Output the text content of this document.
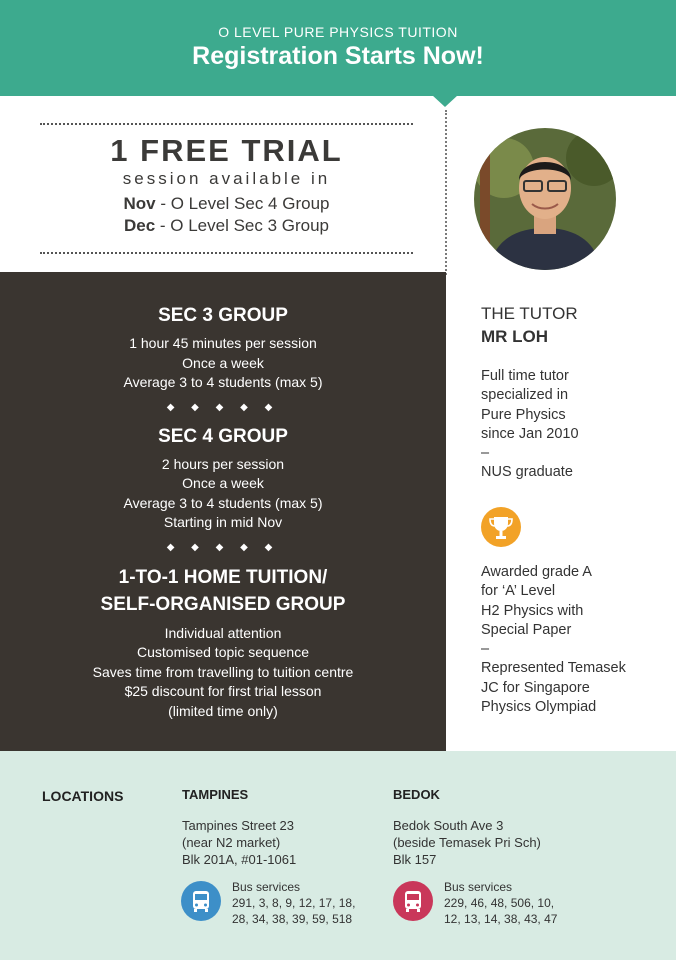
O LEVEL PURE PHYSICS TUITION
Registration Starts Now!
1 FREE TRIAL
session available in
Nov - O Level Sec 4 Group
Dec - O Level Sec 3 Group
SEC 3 GROUP
1 hour 45 minutes per session
Once a week
Average 3 to 4 students (max 5)
◆ ◆ ◆ ◆ ◆
SEC 4 GROUP
2 hours per session
Once a week
Average 3 to 4 students (max 5)
Starting in mid Nov
◆ ◆ ◆ ◆ ◆
1-TO-1 HOME TUITION/
SELF-ORGANISED GROUP
Individual attention
Customised topic sequence
Saves time from travelling to tuition centre
$25 discount for first trial lesson
(limited time only)
THE TUTOR
MR LOH
Full time tutor
specialized in
Pure Physics
since Jan 2010
–
NUS graduate
Awarded grade A
for ‘A’ Level
H2 Physics with
Special Paper
–
Represented Temasek
JC for Singapore
Physics Olympiad
LOCATIONS	TAMPINES
Tampines Street 23
(near N2 market)
Blk 201A, #01-1061
Bus services
291, 3, 8, 9, 12, 17, 18,
28, 34, 38, 39, 59, 518
BEDOK
Bedok South Ave 3
(beside Temasek Pri Sch)
Blk 157
Bus services
229, 46, 48, 506, 10,
12, 13, 14, 38, 43, 47
